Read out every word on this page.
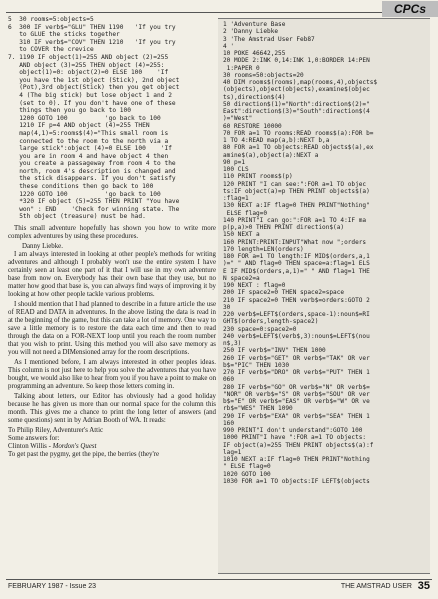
CPCs
5  30 rooms=5:objects=5
6  300 IF verb$="GLU" THEN 1190   'If you try
to GLUE the sticks together
310 IF verb$="COV" THEN 1210   'If you try
to COVER the crevice
7. 1190 IF object(1)=255 AND object (2)=255
AND object (3)=255 THEN object (4)=255:
object(1)=0: object(2)=0 ELSE 100    'If
you have the 1st object (Stick), 2nd object
(Pot),3rd object(Stick) then you get object
4 (The big stick) but lose object 1 and 2
(set to 0). If you don't have one of these
things then you go back to 100
1200 GOTO 100          'go back to 100
1210 IF p=4 AND object (4)=255 THEN
map(4,1)=5:rooms$(4)="This small room is
connected to the room to the north via a
large stick":object (4)=0 ELSE 100    'If
you are in room 4 and have object 4 then
you create a passageway from room 4 to the
north, room 4's description is changed and
the stick disappears. If you don't satisfy
these conditions then go back to 100
1220 GOTO 100          'go back to 100
*320 IF object (5)=255 THEN PRINT "You have
won" : END    'Check for winning state. The
5th object (treasure) must be had.

This small adventure hopefully has shown you how to write more complex adventures by using these procedures.

Danny Liebke.

I am always interested in looking at other people's methods for writing adventures and although I probably won't use the entire system I have certainly seen at least one part of it that I will use in my own adventure base from now on. Everybody has their own base that they use, but no matter how good that base is, you can always find ways of improving it by looking at how other people tackle various problems.

I should mention that I had planned to describe in a future article the use of READ and DATA in adventures. In the above listing the data is read in at the beginning of the game, but this can take a lot of memory. One way to save a little memory is to restore the data each time and then to read through the data on a FOR-NEXT loop until you reach the room number that you wish to print. Using this method you will also save memory as you will not need a DIMensioned array for the room descriptions.

As I mentioned before, I am always interested in other peoples ideas. This column is not just here to help you solve the adventures that you have bought, we would also like to hear from you if you have a point to make on programming an adventure. So keep those letters coming in.

Talking about letters, our Editor has obviously had a good holiday because he has given us more than our normal space for the column this month. This gives me a chance to print the long letter of answers (and some questions) sent in by Adrian Booth of WA. It reads:

To Philip Riley, Adventurer's Attic

Some answers for:

Clinton Willis - Mordon's Quest

To get past the pygmy, get the pipe, the berries (they're

1 'Adventure Base
2 'Danny Liebke
3 'The Amstrad User Feb87
4 '
10 POKE 46642,255
20 MODE 2:INK 0,14:INK 1,0:BORDER 14:PEN
1:PAPER 0
30 rooms=50:objects=20
40 DIM rooms$(rooms),map(rooms,4),objects$
(objects),object(objects),examine$(objec
ts),direction$(4)
50 direction$(1)="North":direction$(2)="
East":direction$(3)="South":direction$(4
)="West"
60 RESTORE 10000
70 FOR a=1 TO rooms:READ rooms$(a):FOR b=
1 TO 4:READ map(a,b):NEXT b,a
80 FOR a=1 TO objects:READ objects$(a),ex
amine$(a),object(a):NEXT a
90 p=1
100 CLS
110 PRINT rooms$(p)
120 PRINT "I can see:":FOR a=1 TO objec
ts:IF object(a)=p THEN PRINT objects$(a)
:flag=1
130 NEXT a:IF flag=0 THEN PRINT"Nothing"
ELSE flag=0
140 PRINT"I can go:":FOR a=1 TO 4:IF ma
p(p,a)>0 THEN PRINT direction$(a)
150 NEXT a
160 PRINT:PRINT:INPUT"What now ";orders
170 length=LEN(orders)
180 FOR a=1 TO length:IF MID$(orders,a,1
)=" " AND flag=0 THEN space=a:flag=1 ELS
E IF MID$(orders,a,1)=" " AND flag=1 THE
N space2=a
190 NEXT : flag=0
200 IF space2=0 THEN space2=space
210 IF space2=0 THEN verb$=orders:GOTO 2
30
220 verb$=LEFT$(orders,space-1):noun$=RI
GHT$(orders,length-space2)
230 space=0:space2=0
240 verb$=LEFT$(verb$,3):noun$=LEFT$(nou
n$,3)
250 IF verb$="INV" THEN 1000
260 IF verb$="GET" OR verb$="TAK" OR ver
b$="PIC" THEN 1030
270 IF verb$="DRO" OR verb$="PUT" THEN 1
060
280 IF verb$="GO" OR verb$="N" OR verb$=
"NOR" OR verb$="S" OR verb$="SOU" OR ver
b$="E" OR verb$="EAS" OR verb$="W" OR ve
rb$="WES" THEN 1090
290 IF verb$="EXA" OR verb$="SEA" THEN 1
160
990 PRINT"I don't understand":GOTO 100
1000 PRINT"I have ":FOR a=1 TO objects:
IF object(a)=255 THEN PRINT objects$(a):f
lag=1
1010 NEXT a:IF flag=0 THEN PRINT"Nothing
" ELSE flag=0
1020 GOTO 100
1030 FOR a=1 TO objects:IF LEFT$(objects
FEBRUARY 1987 - Issue 23	THE AMSTRAD USER 35
